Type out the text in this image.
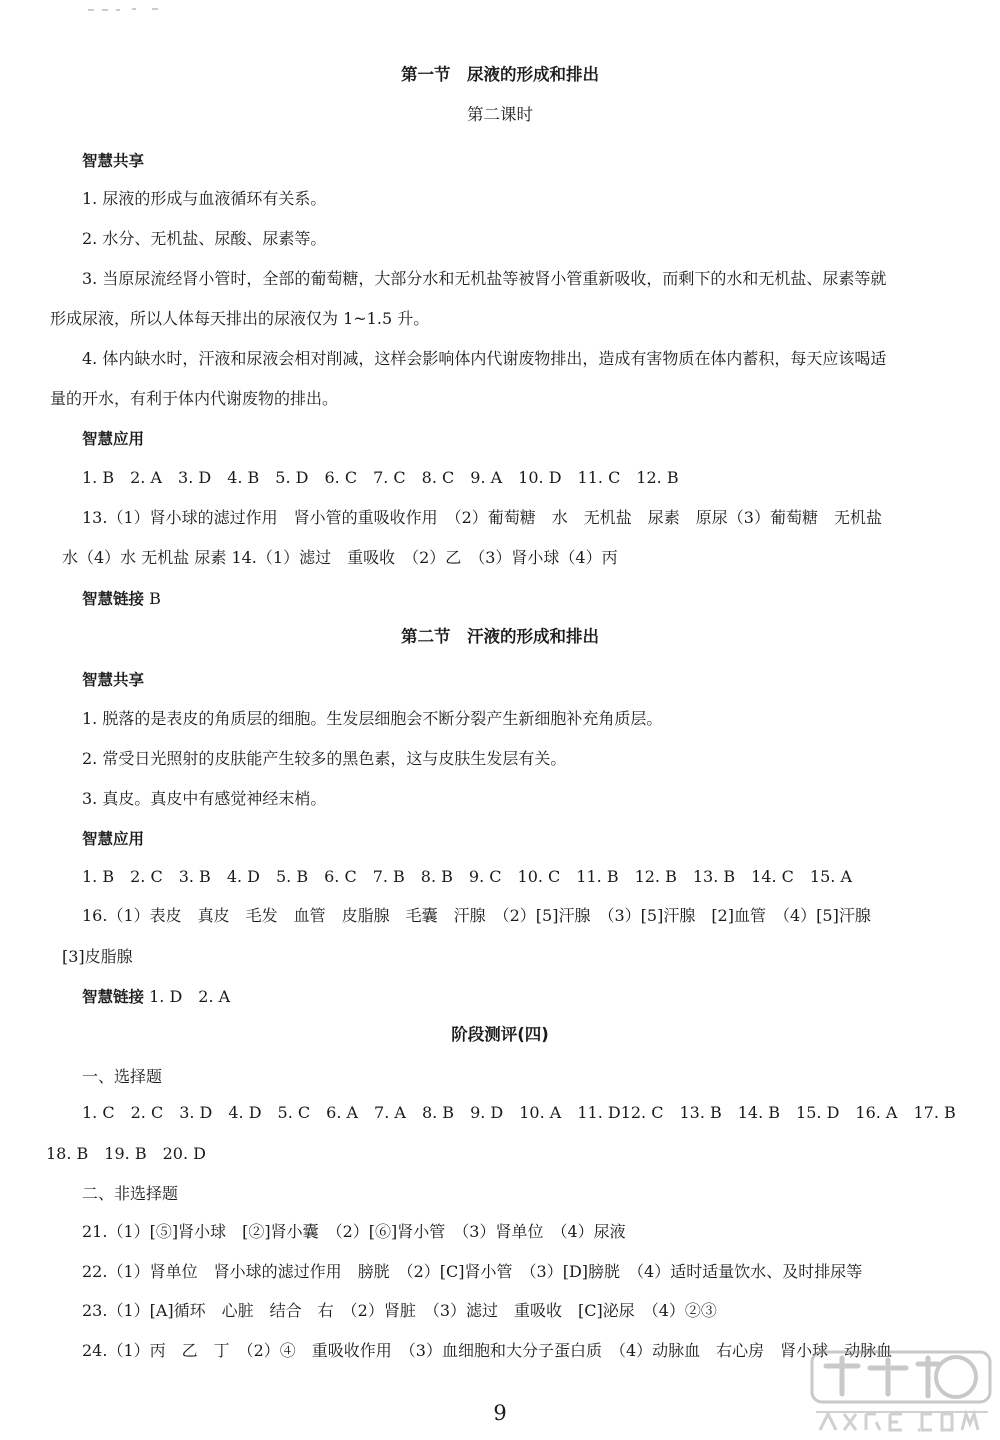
第一节　尿液的形成和排出
第二课时
智慧共享
1. 尿液的形成与血液循环有关系。
2. 水分、无机盐、尿酸、尿素等。
3. 当原尿流经肾小管时，全部的葡萄糖，大部分水和无机盐等被肾小管重新吸收，而剩下的水和无机盐、尿素等就
形成尿液，所以人体每天排出的尿液仅为 1~1.5 升。
4. 体内缺水时，汗液和尿液会相对削减，这样会影响体内代谢废物排出，造成有害物质在体内蓄积，每天应该喝适
量的开水，有利于体内代谢废物的排出。
智慧应用
1. B　2. A　3. D　4. B　5. D　6. C　7. C　8. C　9. A　10. D　11. C　12. B
13.（1）肾小球的滤过作用　肾小管的重吸收作用　（2）葡萄糖　水　无机盐　尿素　原尿（3）葡萄糖　无机盐
水（4）水 无机盐 尿素 14.（1）滤过　重吸收　（2）乙　（3）肾小球（4）丙
智慧链接 B
第二节　汗液的形成和排出
智慧共享
1. 脱落的是表皮的角质层的细胞。生发层细胞会不断分裂产生新细胞补充角质层。
2. 常受日光照射的皮肤能产生较多的黑色素，这与皮肤生发层有关。
3. 真皮。真皮中有感觉神经末梢。
智慧应用
1. B　2. C　3. B　4. D　5. B　6. C　7. B　8. B　9. C　10. C　11. B　12. B　13. B　14. C　15. A
16.（1）表皮　真皮　毛发　血管　皮脂腺　毛囊　汗腺　（2）[5]汗腺　（3）[5]汗腺　[2]血管　（4）[5]汗腺
[3]皮脂腺
智慧链接 1. D　2. A
阶段测评(四)
一、选择题
1. C　2. C　3. D　4. D　5. C　6. A　7. A　8. B　9. D　10. A　11. D12. C　13. B　14. B　15. D　16. A　17. B
18. B　19. B　20. D
二、非选择题
21.（1）[⑤]肾小球　[②]肾小囊　（2）[⑥]肾小管　（3）肾单位　（4）尿液
22.（1）肾单位　肾小球的滤过作用　膀胱　（2）[C]肾小管　（3）[D]膀胱　（4）适时适量饮水、及时排尿等
23.（1）[A]循环　心脏　结合　右　（2）肾脏　（3）滤过　重吸收　[C]泌尿　（4）②③
24.（1）丙　乙　丁　（2）④　重吸收作用　（3）血细胞和大分子蛋白质　（4）动脉血　右心房　肾小球　动脉血
9
